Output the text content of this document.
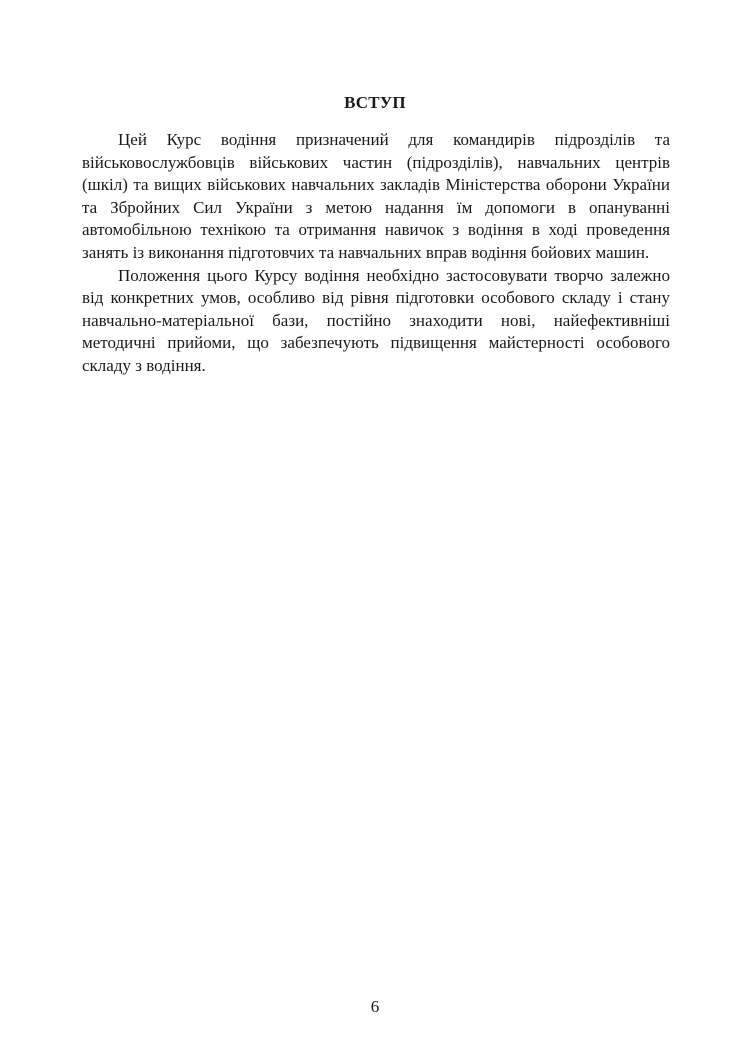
ВСТУП
Цей Курс водіння призначений для командирів підрозділів та
військовослужбовців військових частин (підрозділів), навчальних центрів
(шкіл) та вищих військових навчальних закладів Міністерства оборони України
та Збройних Сил України з метою надання їм допомоги в опануванні
автомобільною технікою та отримання навичок з водіння в ході проведення
занять із виконання підготовчих та навчальних вправ водіння бойових машин.
Положення цього Курсу водіння необхідно застосовувати творчо залежно
від конкретних умов, особливо від рівня підготовки особового складу і стану
навчально-матеріальної бази, постійно знаходити нові, найефективніші
методичні прийоми, що забезпечують підвищення майстерності особового
складу з водіння.
6
